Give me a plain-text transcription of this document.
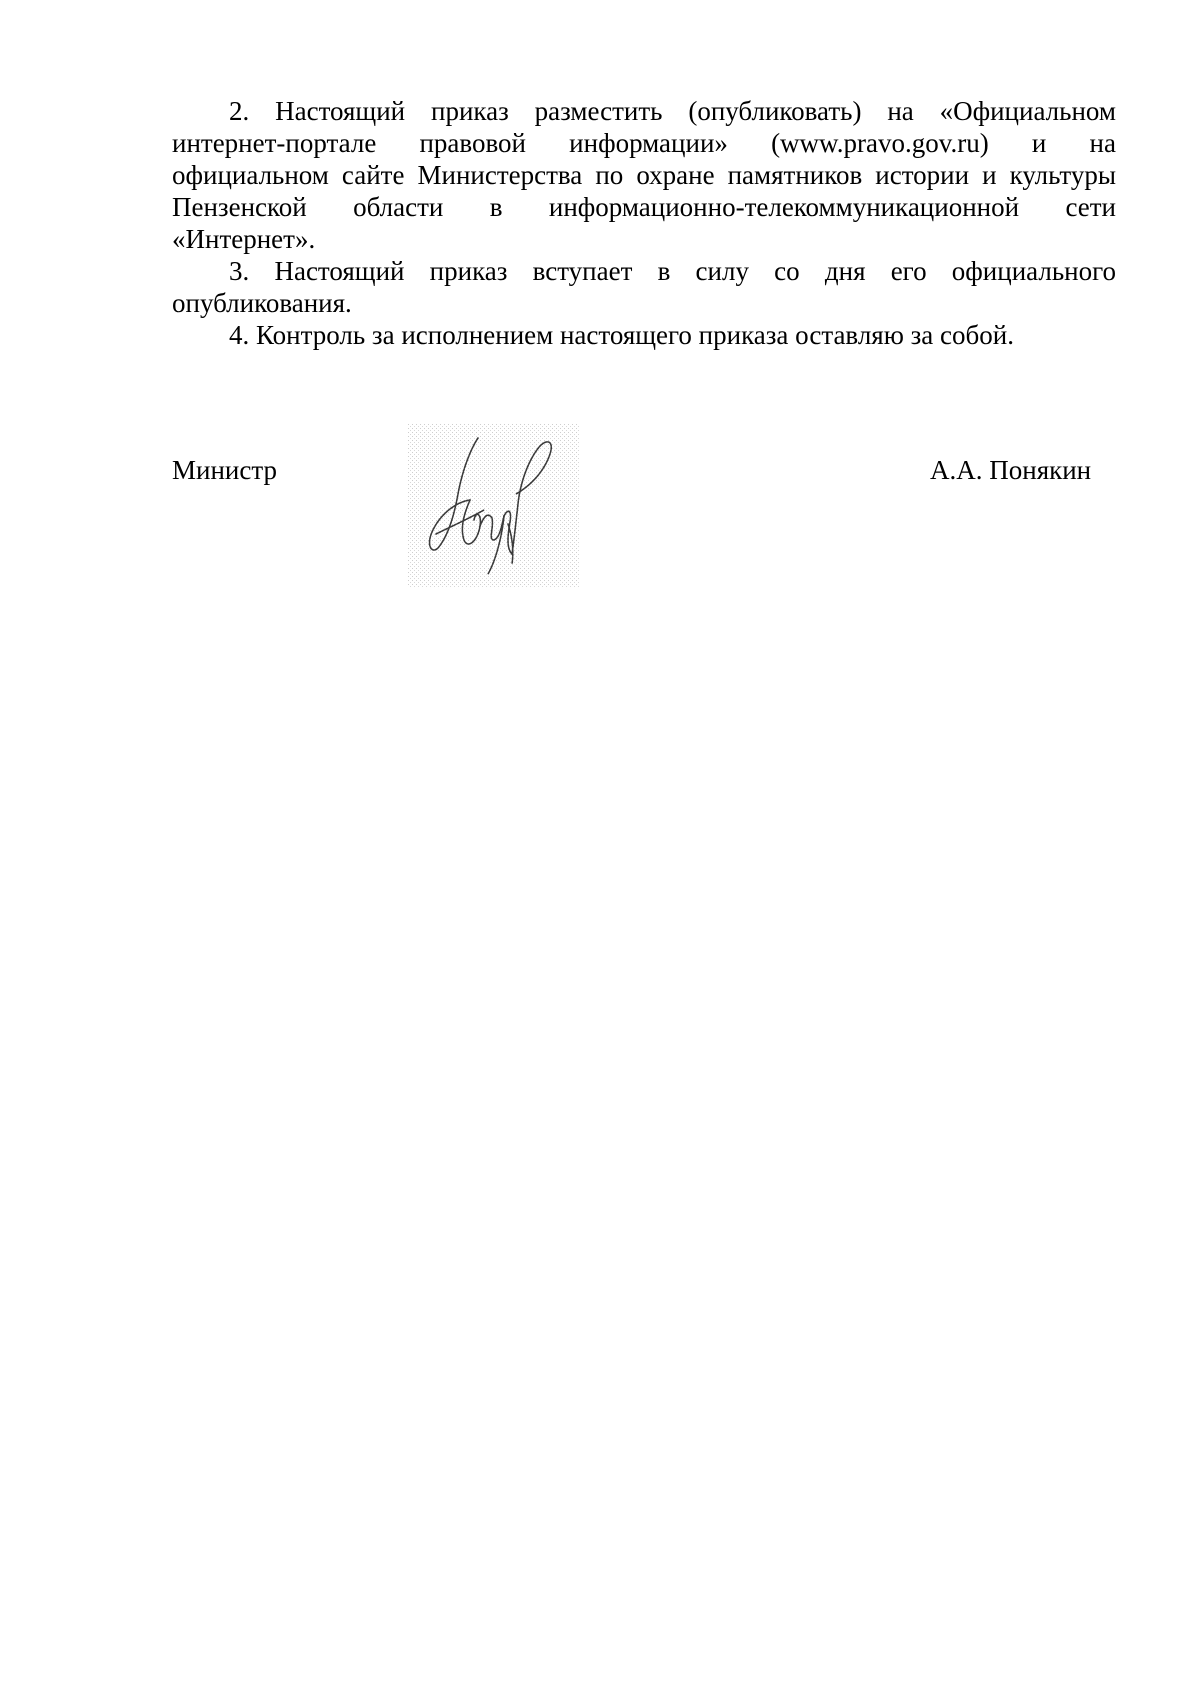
2. Настоящий приказ разместить (опубликовать) на «Официальном
интернет-портале правовой информации» (www.pravo.gov.ru) и на
официальном сайте Министерства по охране памятников истории и культуры
Пензенской области в информационно-телекоммуникационной сети
«Интернет».

3. Настоящий приказ вступает в силу со дня его официального
опубликования.

4. Контроль за исполнением настоящего приказа оставляю за собой.

Министр	А.А. Понякин
